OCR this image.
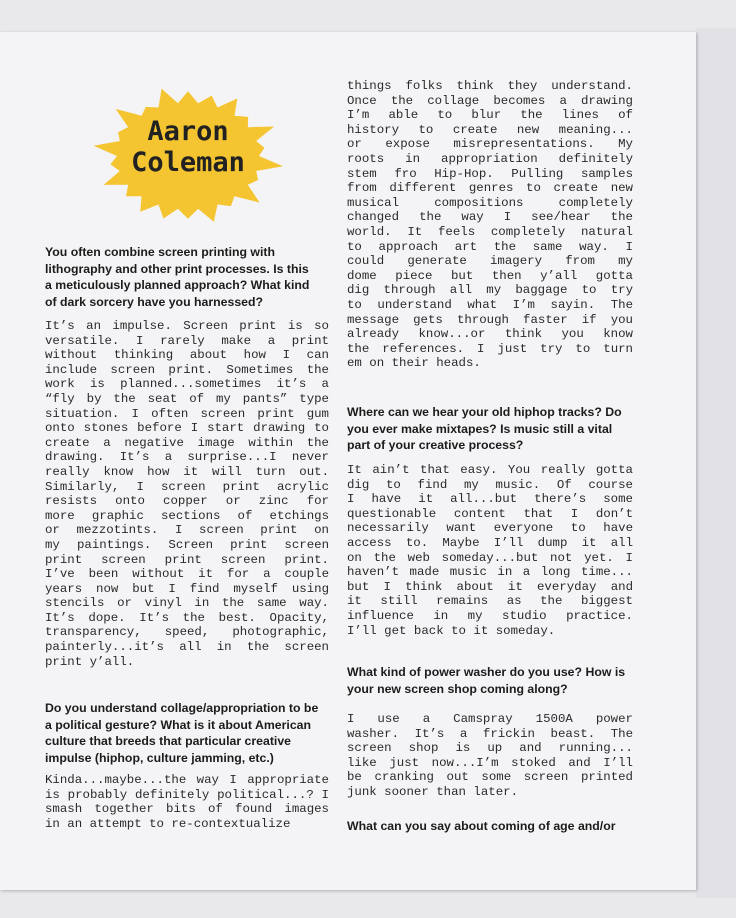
Aaron
Coleman
You often combine screen printing with
lithography and other print processes. Is this
a meticulously planned approach? What kind
of dark sorcery have you harnessed?
It’s an impulse. Screen print is so
versatile. I rarely make a print
without thinking about how I can
include screen print. Sometimes the
work is planned...sometimes it’s a
“fly by the seat of my pants” type
situation. I often screen print gum
onto stones before I start drawing to
create a negative image within the
drawing. It’s a surprise...I never
really know how it will turn out.
Similarly, I screen print acrylic
resists onto copper or zinc for
more graphic sections of etchings
or mezzotints. I screen print on
my paintings. Screen print screen
print screen print screen print.
I’ve been without it for a couple
years now but I find myself using
stencils or vinyl in the same way.
It’s dope. It’s the best. Opacity,
transparency, speed, photographic,
painterly...it’s all in the screen
print y’all.
Do you understand collage/appropriation to be
a political gesture? What is it about American
culture that breeds that particular creative
impulse (hiphop, culture jamming, etc.)
Kinda...maybe...the way I appropriate
is probably definitely political...? I
smash together bits of found images
in an attempt to re-contextualize
things folks think they understand.
Once the collage becomes a drawing
I’m able to blur the lines of
history to create new meaning...
or expose misrepresentations. My
roots in appropriation definitely
stem fro Hip-Hop. Pulling samples
from different genres to create new
musical compositions completely
changed the way I see/hear the
world. It feels completely natural
to approach art the same way. I
could generate imagery from my
dome piece but then y’all gotta
dig through all my baggage to try
to understand what I’m sayin. The
message gets through faster if you
already know...or think you know
the references. I just try to turn
em on their heads.
Where can we hear your old hiphop tracks? Do
you ever make mixtapes? Is music still a vital
part of your creative process?
It ain’t that easy. You really gotta
dig to find my music. Of course
I have it all...but there’s some
questionable content that I don’t
necessarily want everyone to have
access to. Maybe I’ll dump it all
on the web someday...but not yet. I
haven’t made music in a long time...
but I think about it everyday and
it still remains as the biggest
influence in my studio practice.
I’ll get back to it someday.
What kind of power washer do you use? How is
your new screen shop coming along?
I use a Camspray 1500A power
washer. It’s a frickin beast. The
screen shop is up and running...
like just now...I’m stoked and I’ll
be cranking out some screen printed
junk sooner than later.
What can you say about coming of age and/or
